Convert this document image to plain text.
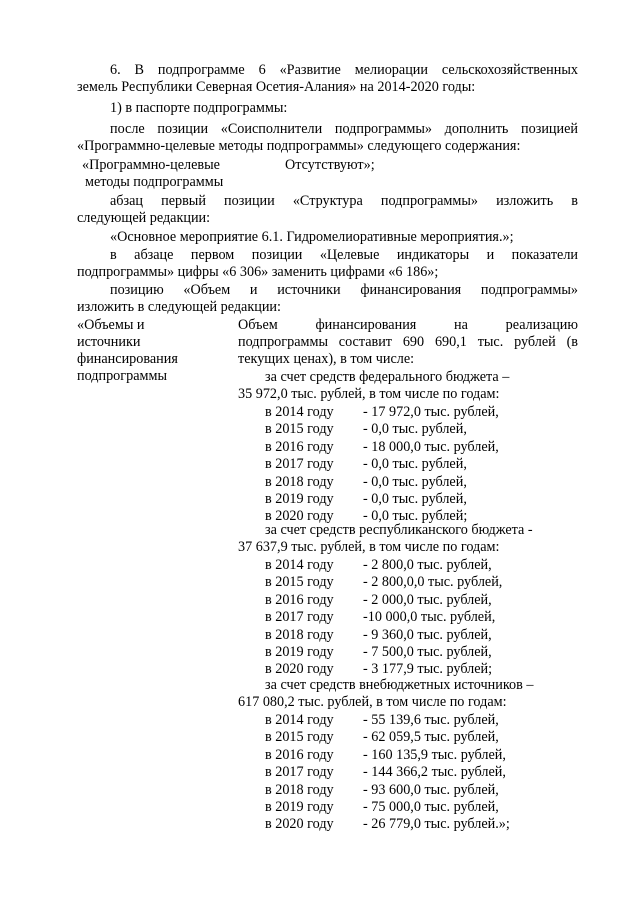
6. В подпрограмме 6 «Развитие мелиорации сельскохозяйственных
земель Республики Северная Осетия-Алания» на 2014-2020 годы:
1) в паспорте подпрограммы:
после позиции «Соисполнители подпрограммы» дополнить позицией
«Программно-целевые методы подпрограммы» следующего содержания:
«Программно-целевые	Отсутствуют»;
методы подпрограммы
абзац первый позиции «Структура подпрограммы» изложить в
следующей редакции:
«Основное мероприятие 6.1. Гидромелиоративные мероприятия.»;
в абзаце первом позиции «Целевые индикаторы и показатели
подпрограммы» цифры «6 306» заменить цифрами «6 186»;
позицию «Объем и источники финансирования подпрограммы»
изложить в следующей редакции:
«Объемы и
источники
финансирования
подпрограммы
Объем финансирования на реализацию
подпрограммы составит 690 690,1 тыс. рублей (в
текущих ценах), в том числе:
за счет средств федерального бюджета –
35 972,0 тыс. рублей, в том числе по годам:
в 2014 году - 17 972,0 тыс. рублей,
в 2015 году - 0,0 тыс. рублей,
в 2016 году - 18 000,0 тыс. рублей,
в 2017 году - 0,0 тыс. рублей,
в 2018 году - 0,0 тыс. рублей,
в 2019 году - 0,0 тыс. рублей,
в 2020 году - 0,0 тыс. рублей;
за счет средств республиканского бюджета -
37 637,9 тыс. рублей, в том числе по годам:
в 2014 году - 2 800,0 тыс. рублей,
в 2015 году - 2 800,0,0 тыс. рублей,
в 2016 году - 2 000,0 тыс. рублей,
в 2017 году -10 000,0 тыс. рублей,
в 2018 году - 9 360,0 тыс. рублей,
в 2019 году - 7 500,0 тыс. рублей,
в 2020 году - 3 177,9 тыс. рублей;
за счет средств внебюджетных источников –
617 080,2 тыс. рублей, в том числе по годам:
в 2014 году - 55 139,6 тыс. рублей,
в 2015 году - 62 059,5 тыс. рублей,
в 2016 году - 160 135,9 тыс. рублей,
в 2017 году - 144 366,2 тыс. рублей,
в 2018 году - 93 600,0 тыс. рублей,
в 2019 году - 75 000,0 тыс. рублей,
в 2020 году - 26 779,0 тыс. рублей.»;
